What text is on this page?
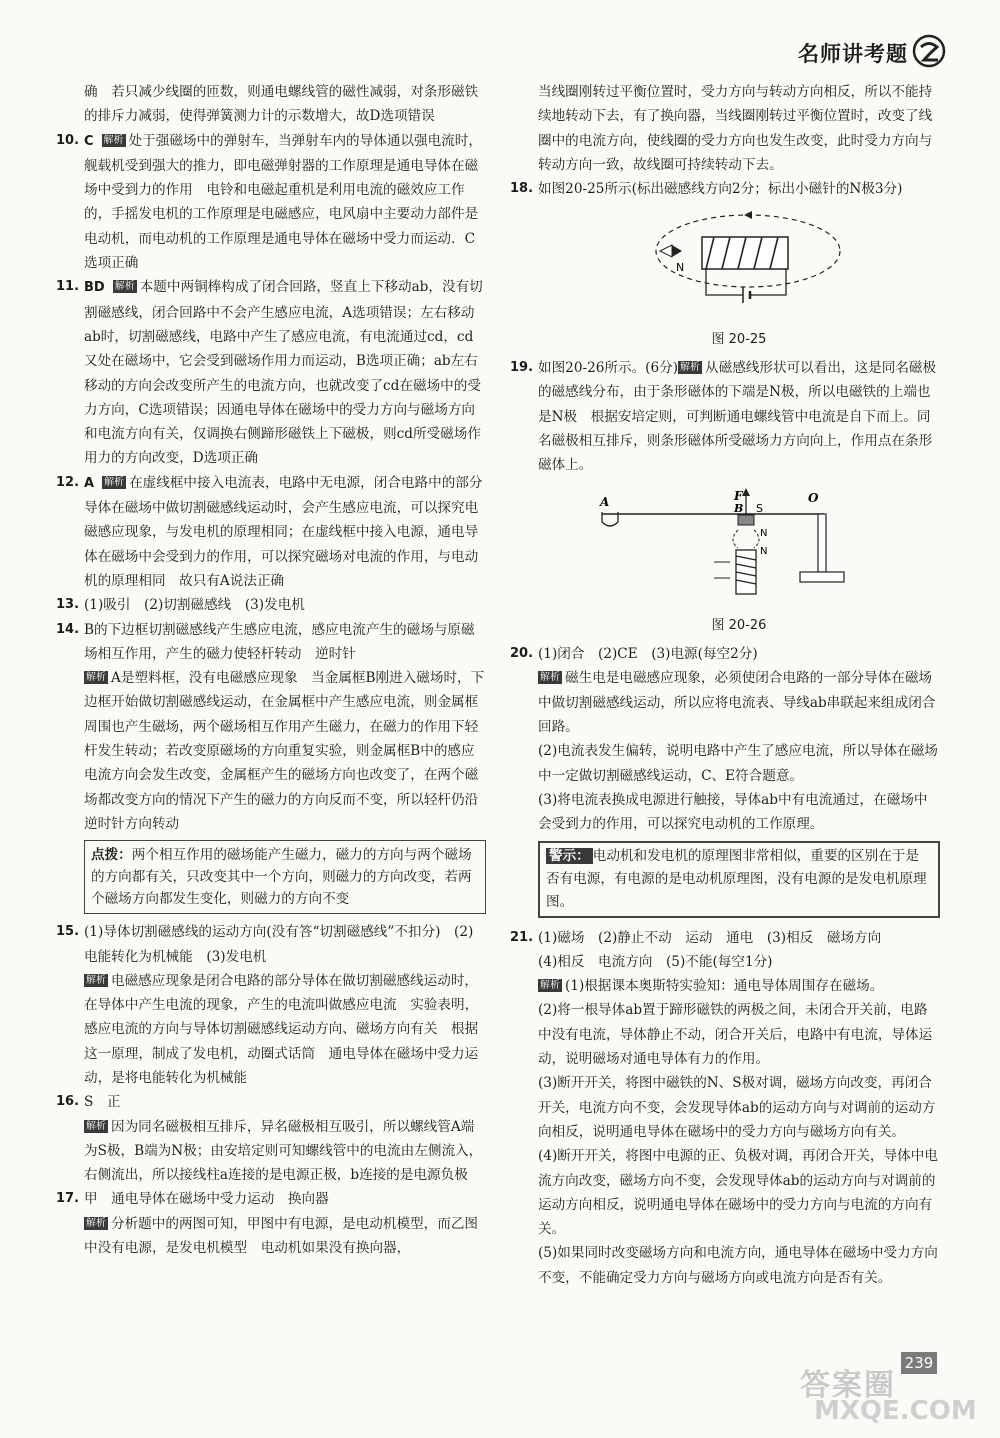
名师讲考题

确　若只减少线圈的匝数，则通电螺线管的磁性减弱，对条形磁铁的排斥力减弱，使得弹簧测力计的示数增大，故D选项错误

10. C 解析 处于强磁场中的弹射车，当弹射车内的导体通以强电流时，舰载机受到强大的推力，即电磁弹射器的工作原理是通电导体在磁场中受到力的作用　电铃和电磁起重机是利用电流的磁效应工作的，手摇发电机的工作原理是电磁感应，电风扇中主要动力部件是电动机，而电动机的工作原理是通电导体在磁场中受力而运动．C选项正确
11. BD 解析 本题中两铜棒构成了闭合回路，竖直上下移动ab，没有切割磁感线，闭合回路中不会产生感应电流，A选项错误；左右移动ab时，切割磁感线，电路中产生了感应电流，有电流通过cd，cd又处在磁场中，它会受到磁场作用力而运动，B选项正确；ab左右移动的方向会改变所产生的电流方向，也就改变了cd在磁场中的受力方向，C选项错误；因通电导体在磁场中的受力方向与磁场方向和电流方向有关，仅调换右侧蹄形磁铁上下磁极，则cd所受磁场作用力的方向改变，D选项正确
12. A 解析 在虚线框中接入电流表，电路中无电源，闭合电路中的部分导体在磁场中做切割磁感线运动时，会产生感应电流，可以探究电磁感应现象，与发电机的原理相同；在虚线框中接入电源，通电导体在磁场中会受到力的作用，可以探究磁场对电流的作用，与电动机的原理相同　故只有A说法正确
13. (1)吸引　(2)切割磁感线　(3)发电机
14. B的下边框切割磁感线产生感应电流，感应电流产生的磁场与原磁场相互作用，产生的磁力使轻杆转动　逆时针

解析 A是塑料框，没有电磁感应现象　当金属框B刚进入磁场时，下边框开始做切割磁感线运动，在金属框中产生感应电流，则金属框周围也产生磁场，两个磁场相互作用产生磁力，在磁力的作用下轻杆发生转动；若改变原磁场的方向重复实验，则金属框B中的感应电流方向会发生改变，金属框产生的磁场方向也改变了，在两个磁场都改变方向的情况下产生的磁力的方向反而不变，所以轻杆仍沿逆时针方向转动

点拨：两个相互作用的磁场能产生磁力，磁力的方向与两个磁场的方向都有关，只改变其中一个方向，则磁力的方向改变，若两个磁场方向都发生变化，则磁力的方向不变
15. (1)导体切割磁感线的运动方向(没有答“切割磁感线”不扣分)　(2)电能转化为机械能　(3)发电机

解析 电磁感应现象是闭合电路的部分导体在做切割磁感线运动时，在导体中产生电流的现象，产生的电流叫做感应电流　实验表明，感应电流的方向与导体切割磁感线运动方向、磁场方向有关　根据这一原理，制成了发电机，动圈式话筒　通电导体在磁场中受力运动，是将电能转化为机械能

16. S　正

解析 因为同名磁极相互排斥，异名磁极相互吸引，所以螺线管A端为S极，B端为N极；由安培定则可知螺线管中的电流由左侧流入，右侧流出，所以接线柱a连接的是电源正极，b连接的是电源负极

17. 甲　通电导体在磁场中受力运动　换向器

解析 分析题中的两图可知，甲图中有电源，是电动机模型，而乙图中没有电源，是发电机模型　电动机如果没有换向器，

当线圈刚转过平衡位置时，受力方向与转动方向相反，所以不能持续地转动下去，有了换向器，当线圈刚转过平衡位置时，改变了线圈中的电流方向，使线圈的受力方向也发生改变，此时受力方向与转动方向一致，故线圈可持续转动下去。

18. 如图20-25所示(标出磁感线方向2分；标出小磁针的N极3分)
N
图 20-25
19. 如图20-26所示。(6分) 解析 从磁感线形状可以看出，这是同名磁极的磁感线分布，由于条形磁体的下端是N极，所以电磁铁的上端也是N极　根据安培定则，可判断通电螺线管中电流是自下而上。同名磁极相互排斥，则条形磁体所受磁场力方向向上，作用点在条形磁体上。
A	F
B S
O
N
N
图 20-26
20. (1)闭合　(2)CE　(3)电源(每空2分)

解析 磁生电是电磁感应现象，必须使闭合电路的一部分导体在磁场中做切割磁感线运动，所以应将电流表、导线ab串联起来组成闭合回路。

(2)电流表发生偏转，说明电路中产生了感应电流，所以导体在磁场中一定做切割磁感线运动，C、E符合题意。

(3)将电流表换成电源进行触接，导体ab中有电流通过，在磁场中会受到力的作用，可以探究电动机的工作原理。

警示： 电动机和发电机的原理图非常相似，重要的区别在于是否有电源，有电源的是电动机原理图，没有电源的是发电机原理图。
21. (1)磁场　(2)静止不动　运动　通电　(3)相反　磁场方向

(4)相反　电流方向　(5)不能(每空1分)

解析 (1)根据课本奥斯特实验知：通电导体周围存在磁场。

(2)将一根导体ab置于蹄形磁铁的两极之间，未闭合开关前，电路中没有电流，导体静止不动，闭合开关后，电路中有电流，导体运动，说明磁场对通电导体有力的作用。

(3)断开开关，将图中磁铁的N、S极对调，磁场方向改变，再闭合开关，电流方向不变，会发现导体ab的运动方向与对调前的运动方向相反，说明通电导体在磁场中的受力方向与磁场方向有关。

(4)断开开关，将图中电源的正、负极对调，再闭合开关，导体中电流方向改变，磁场方向不变，会发现导体ab的运动方向与对调前的运动方向相反，说明通电导体在磁场中的受力方向与电流的方向有关。

(5)如果同时改变磁场方向和电流方向，通电导体在磁场中受力方向不变，不能确定受力方向与磁场方向或电流方向是否有关。

239
答案圈
MXQE.COM
